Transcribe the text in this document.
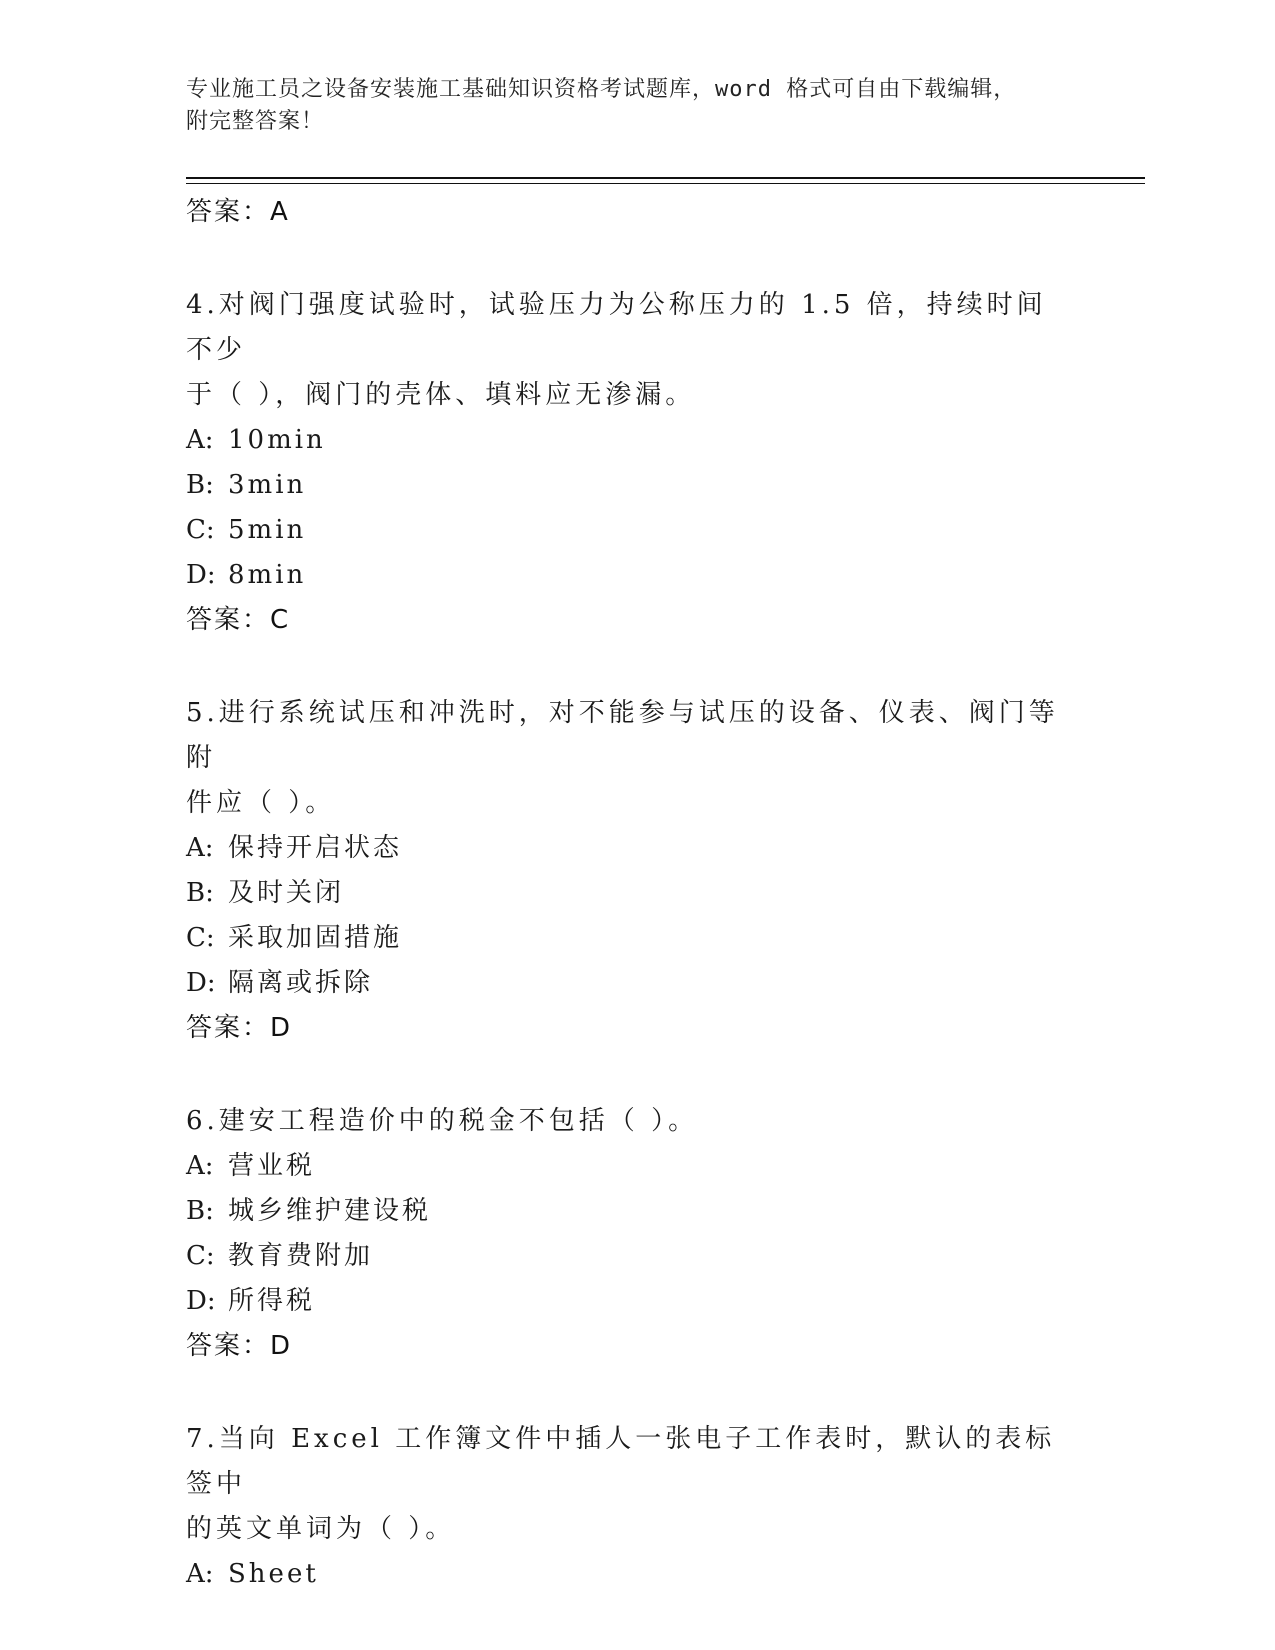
专业施工员之设备安装施工基础知识资格考试题库，word 格式可自由下载编辑，
附完整答案！
答案：A
4.对阀门强度试验时，试验压力为公称压力的 1.5 倍，持续时间不少
于（ ），阀门的壳体、填料应无渗漏。
A: 10min
B: 3min
C: 5min
D: 8min
答案：C
5.进行系统试压和冲洗时，对不能参与试压的设备、仪表、阀门等附
件应（ ）。
A: 保持开启状态
B: 及时关闭
C: 采取加固措施
D: 隔离或拆除
答案：D
6.建安工程造价中的税金不包括（ ）。
A: 营业税
B: 城乡维护建设税
C: 教育费附加
D: 所得税
答案：D
7.当向 Excel 工作簿文件中插人一张电子工作表时，默认的表标签中
的英文单词为（ ）。
A: Sheet
